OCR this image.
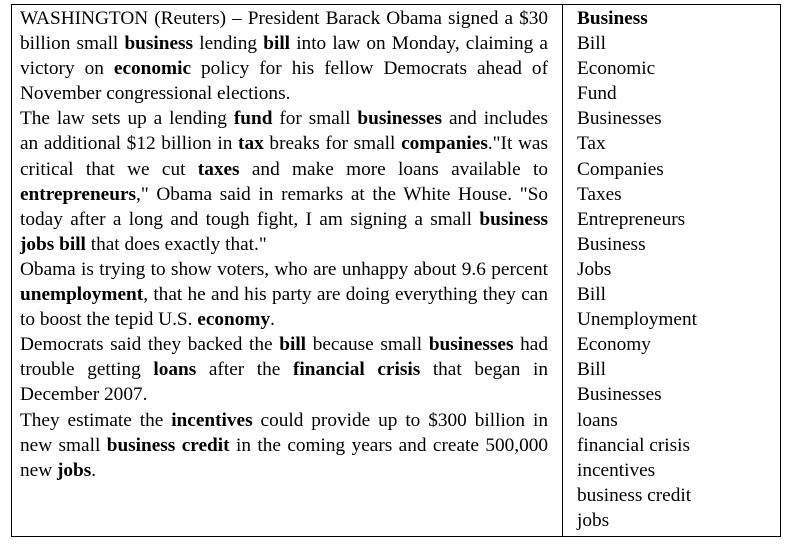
WASHINGTON (Reuters) – President Barack Obama signed a $30 billion small business lending bill into law on Monday, claiming a victory on economic policy for his fellow Democrats ahead of November congressional elections.

The law sets up a lending fund for small businesses and includes an additional $12 billion in tax breaks for small companies."It was critical that we cut taxes and make more loans available to entrepreneurs," Obama said in remarks at the White House. "So today after a long and tough fight, I am signing a small business jobs bill that does exactly that."

Obama is trying to show voters, who are unhappy about 9.6 percent unemployment, that he and his party are doing everything they can to boost the tepid U.S. economy.

Democrats said they backed the bill because small businesses had trouble getting loans after the financial crisis that began in December 2007.

They estimate the incentives could provide up to $300 billion in new small business credit in the coming years and create 500,000 new jobs.

Business

Bill

Economic

Fund

Businesses

Tax

Companies

Taxes

Entrepreneurs

Business

Jobs

Bill

Unemployment

Economy

Bill

Businesses

loans

financial crisis

incentives

business credit

jobs
